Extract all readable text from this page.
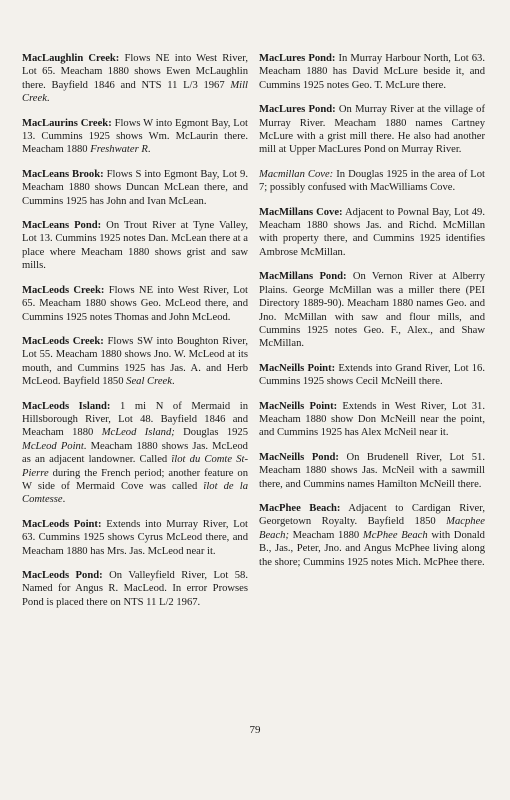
MacLaughlin Creek: Flows NE into West River, Lot 65. Meacham 1880 shows Ewen McLaughlin there. Bayfield 1846 and NTS 11 L/3 1967 Mill Creek.

MacLaurins Creek: Flows W into Egmont Bay, Lot 13. Cummins 1925 shows Wm. McLaurin there. Meacham 1880 Freshwater R.

MacLeans Brook: Flows S into Egmont Bay, Lot 9. Meacham 1880 shows Duncan McLean there, and Cummins 1925 has John and Ivan McLean.

MacLeans Pond: On Trout River at Tyne Valley, Lot 13. Cummins 1925 notes Dan. McLean there at a place where Meacham 1880 shows grist and saw mills.

MacLeods Creek: Flows NE into West River, Lot 65. Meacham 1880 shows Geo. McLeod there, and Cummins 1925 notes Thomas and John McLeod.

MacLeods Creek: Flows SW into Boughton River, Lot 55. Meacham 1880 shows Jno. W. McLeod at its mouth, and Cummins 1925 has Jas. A. and Herb McLeod. Bayfield 1850 Seal Creek.

MacLeods Island: 1 mi N of Mermaid in Hillsborough River, Lot 48. Bayfield 1846 and Meacham 1880 McLeod Island; Douglas 1925 McLeod Point. Meacham 1880 shows Jas. McLeod as an adjacent landowner. Called îlot du Comte St-Pierre during the French period; another feature on W side of Mermaid Cove was called îlot de la Comtesse.

MacLeods Point: Extends into Murray River, Lot 63. Cummins 1925 shows Cyrus McLeod there, and Meacham 1880 has Mrs. Jas. McLeod near it.

MacLeods Pond: On Valleyfield River, Lot 58. Named for Angus R. MacLeod. In error Prowses Pond is placed there on NTS 11 L/2 1967.

MacLures Pond: In Murray Harbour North, Lot 63. Meacham 1880 has David McLure beside it, and Cummins 1925 notes Geo. T. McLure there.

MacLures Pond: On Murray River at the village of Murray River. Meacham 1880 names Cartney McLure with a grist mill there. He also had another mill at Upper MacLures Pond on Murray River.

Macmillan Cove: In Douglas 1925 in the area of Lot 7; possibly confused with MacWilliams Cove.

MacMillans Cove: Adjacent to Pownal Bay, Lot 49. Meacham 1880 shows Jas. and Richd. McMillan with property there, and Cummins 1925 identifies Ambrose McMillan.

MacMillans Pond: On Vernon River at Alberry Plains. George McMillan was a miller there (PEI Directory 1889-90). Meacham 1880 names Geo. and Jno. McMillan with saw and flour mills, and Cummins 1925 notes Geo. F., Alex., and Shaw McMillan.

MacNeills Point: Extends into Grand River, Lot 16. Cummins 1925 shows Cecil McNeill there.

MacNeills Point: Extends in West River, Lot 31. Meacham 1880 show Don McNeill near the point, and Cummins 1925 has Alex McNeil near it.

MacNeills Pond: On Brudenell River, Lot 51. Meacham 1880 shows Jas. McNeil with a sawmill there, and Cummins names Hamilton McNeill there.

MacPhee Beach: Adjacent to Cardigan River, Georgetown Royalty. Bayfield 1850 Macphee Beach; Meacham 1880 McPhee Beach with Donald B., Jas., Peter, Jno. and Angus McPhee living along the shore; Cummins 1925 notes Mich. McPhee there.

79
